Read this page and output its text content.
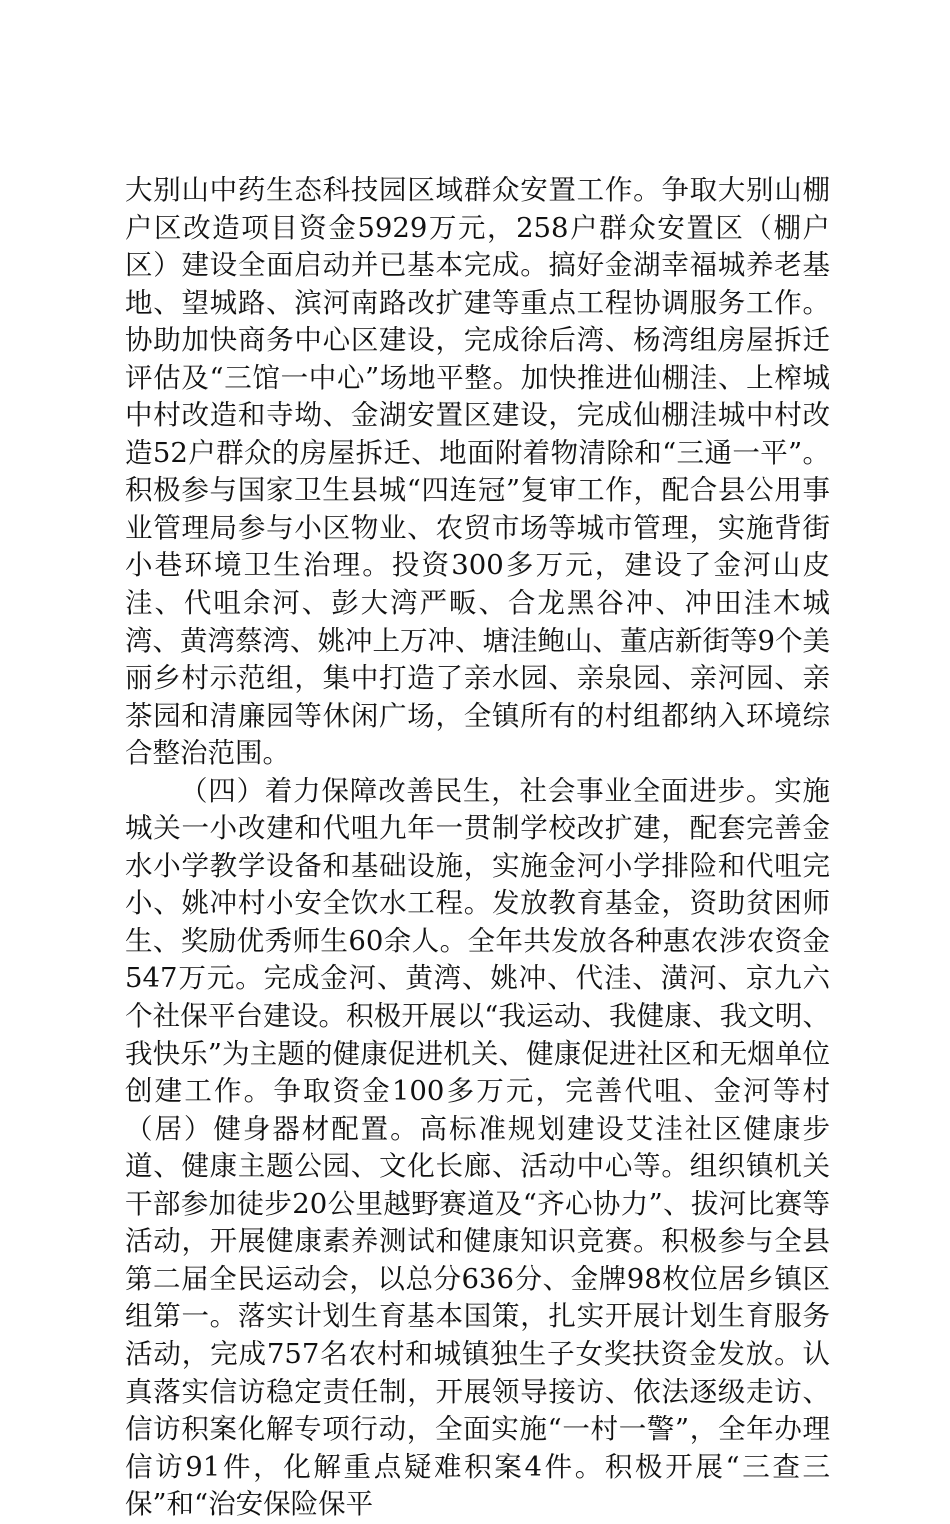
大别山中药生态科技园区域群众安置工作。争取大别山棚户区改造项目资金5929万元，258户群众安置区（棚户区）建设全面启动并已基本完成。搞好金湖幸福城养老基地、望城路、滨河南路改扩建等重点工程协调服务工作。协助加快商务中心区建设，完成徐后湾、杨湾组房屋拆迁评估及“三馆一中心”场地平整。加快推进仙棚洼、上榨城中村改造和寺坳、金湖安置区建设，完成仙棚洼城中村改造52户群众的房屋拆迁、地面附着物清除和“三通一平”。积极参与国家卫生县城“四连冠”复审工作，配合县公用事业管理局参与小区物业、农贸市场等城市管理，实施背街小巷环境卫生治理。投资300多万元，建设了金河山皮洼、代咀余河、彭大湾严畈、合龙黑谷冲、冲田洼木城湾、黄湾蔡湾、姚冲上万冲、塘洼鲍山、董店新街等9个美丽乡村示范组，集中打造了亲水园、亲泉园、亲河园、亲茶园和清廉园等休闲广场，全镇所有的村组都纳入环境综合整治范围。

（四）着力保障改善民生，社会事业全面进步。实施城关一小改建和代咀九年一贯制学校改扩建，配套完善金水小学教学设备和基础设施，实施金河小学排险和代咀完小、姚冲村小安全饮水工程。发放教育基金，资助贫困师生、奖励优秀师生60余人。全年共发放各种惠农涉农资金547万元。完成金河、黄湾、姚冲、代洼、潢河、京九六个社保平台建设。积极开展以“我运动、我健康、我文明、我快乐”为主题的健康促进机关、健康促进社区和无烟单位创建工作。争取资金100多万元，完善代咀、金河等村（居）健身器材配置。高标准规划建设艾洼社区健康步道、健康主题公园、文化长廊、活动中心等。组织镇机关干部参加徒步20公里越野赛道及“齐心协力”、拔河比赛等活动，开展健康素养测试和健康知识竞赛。积极参与全县第二届全民运动会，以总分636分、金牌98枚位居乡镇区组第一。落实计划生育基本国策，扎实开展计划生育服务活动，完成757名农村和城镇独生子女奖扶资金发放。认真落实信访稳定责任制，开展领导接访、依法逐级走访、信访积案化解专项行动，全面实施“一村一警”，全年办理信访91件，化解重点疑难积案4件。积极开展“三查三保”和“治安保险保平
